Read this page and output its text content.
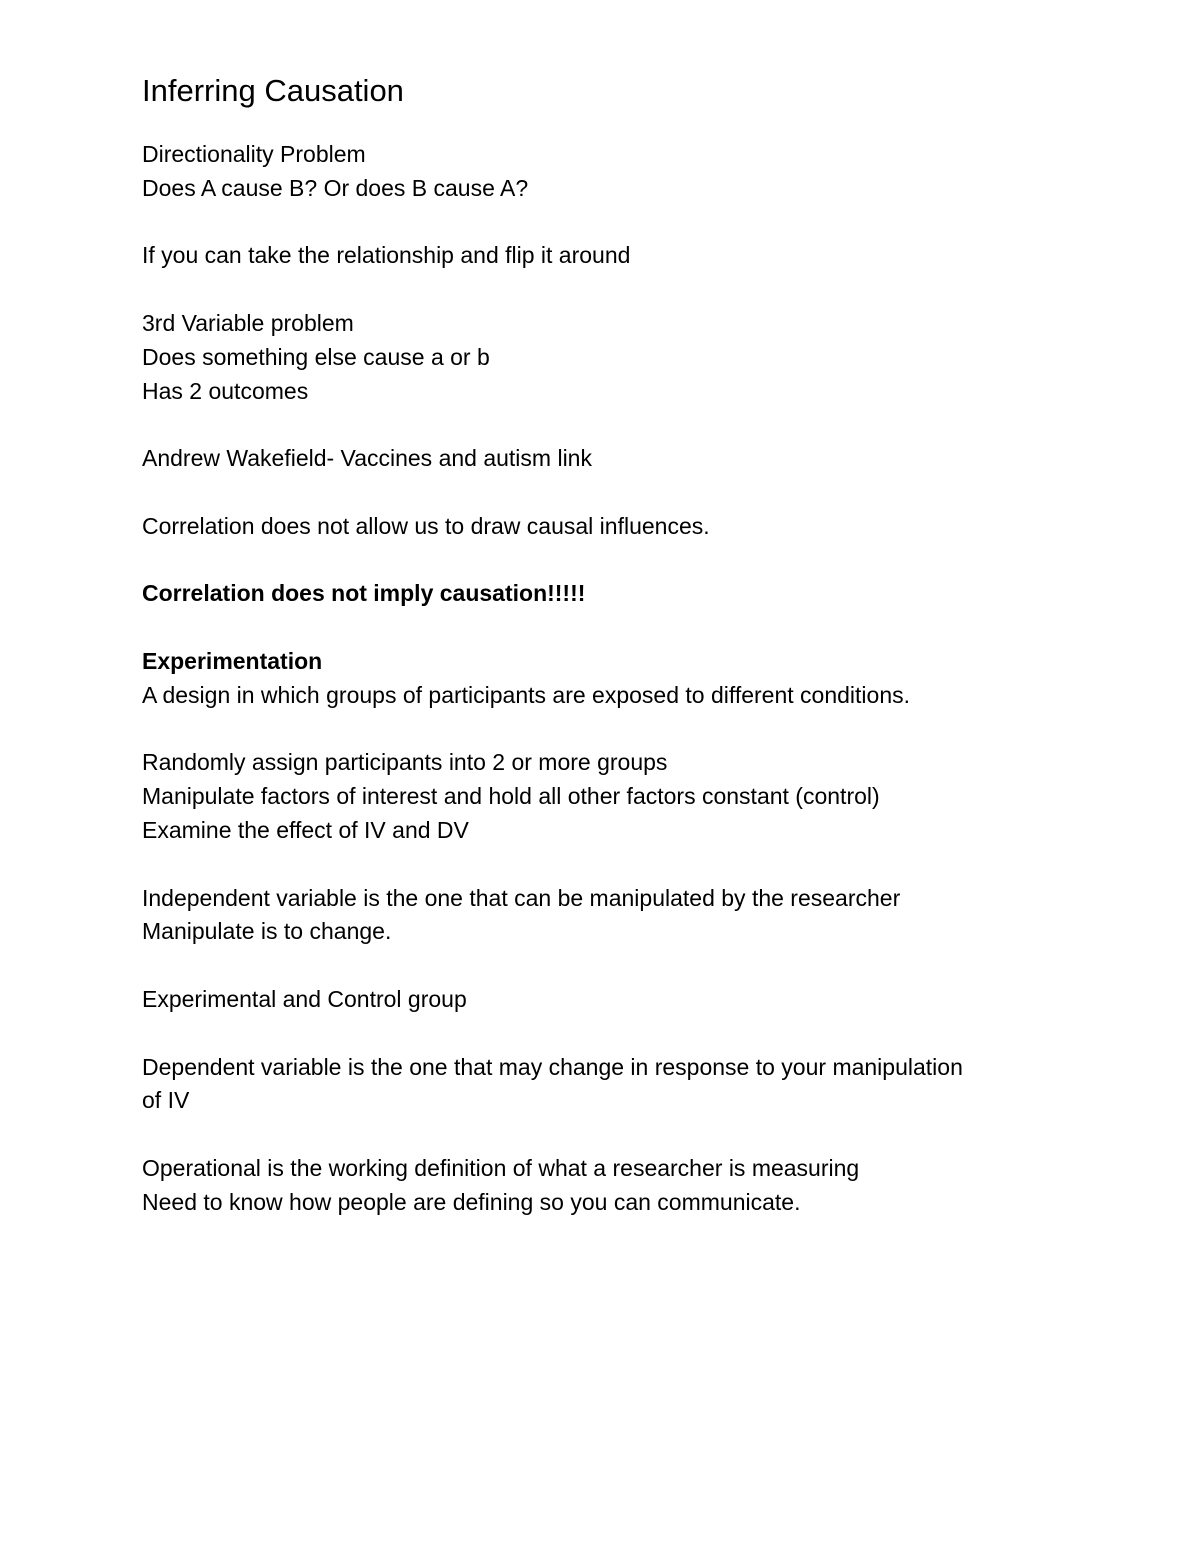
Inferring Causation

Directionality Problem

Does A cause B? Or does B cause A?

If you can take the relationship and flip it around

3rd Variable problem

Does something else cause a or b

Has 2 outcomes

Andrew Wakefield- Vaccines and autism link

Correlation does not allow us to draw causal influences.

Correlation does not imply causation!!!!!

Experimentation

A design in which groups of participants are exposed to different conditions.

Randomly assign participants into 2 or more groups

Manipulate factors of interest and hold all other factors constant (control)

Examine the effect of IV and DV

Independent variable is the one that can be manipulated by the researcher

Manipulate is to change.

Experimental and Control group

Dependent variable is the one that may change in response to your manipulation

of IV

Operational is the working definition of what a researcher is measuring

Need to know how people are defining so you can communicate.
